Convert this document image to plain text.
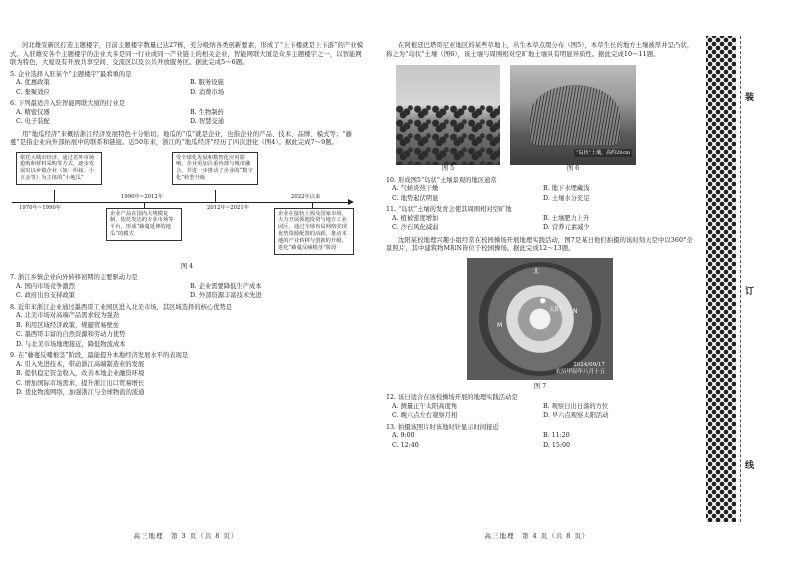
河北雄安新区打造主题楼宇，目前主题楼宇数量已达27栋，充分吸纳各类创新要素，形成了“上下楼就是上下游”的产业模式。入驻雄安各个主题楼宇的企业大多是同一行业或同一产业链上的相关企业，智能网联大厦是众多主题楼宇之一，以智能网联为特色，大厦设有开放共享空间、交流区以及公共开放服务区。据此完成5～6题。

5. 企业选择入驻某个“主题楼宇”最看重的是

A. 优惠政策	B. 服务设施
C. 集聚效应	D. 消费市场

6. 下列最适合入驻智能网联大厦的行业是

A. 精密仪器	B. 生物制药
C. 电子装配	D. 智慧交通

用“地瓜经济”来概括浙江经济发展特色十分贴切。地瓜的“瓜”就是企业，也指企业的产品、技术、品牌、模式等；“藤蔓”是指企业向外部拓展中的联系和链接。近50年来，浙江的“地瓜经济”经历了四次进化（图4）。据此完成7～9题。

依托大城市经济，通过省外市场抢购和材料采购等方式，逐步发展出以乡镇企业（如：织袜、小五金等）为主体的“小地瓜”
受全球化发展和数智化应用影响，企业更加注重内部与城市融合，并进一步推动了企业的“数字化”转型升级
企业在接轨上海及国家市场、大力开展领地投资与地方工业园区，通过全球布局网络实现优势资源配置的活跃，推动本地的产业转移与创新的升级，进化“藤蔓反哺根茎”阶段
企业产品在国内大规模复制，依托发达的专业市场等平台，形成“藤蔓延伸的地瓜”的模式
1970年~1990年
1990年~2012年
2012年~2021年
2022年以来

图 4

7. 浙江乡镇企业向外转移初期的主要驱动力是

A. 国内市场竞争激烈	B. 企业需要降低生产成本
C. 政府出台支持政策	D. 外部资源丰富技术先进

8. 近年来浙江企业通过墨西哥工业园区进入北美市场，其区域选择的核心优势是

A. 北美市场对高端产品需求较为强劲
B. 利用区域经济政策，规避贸易壁垒
C. 墨西哥丰富的自然资源和劳动力优势
D. 与北美市场地理接近，降低物流成本

9. 在“藤蔓反哺根茎”阶段，最能提升本地经济发展水平的表现是

A. 引入先进技术，带动浙江高端制造业的发展
B. 提供稳定资金收入，改善本地企业融资环境
C. 增加国际市场需求，提升浙江出口贸易增长
D. 优化物流网络，加强浙江与全球物流的流通
高三地理　第 3 页（共 8 页）

在阿根廷巴塔哥尼亚地区的某些草地上，丛生本草点缀分布（图5），本草生长的地方土壤被厚并呈凸状，称之为“岛状”土壤（图6），该土壤与周围相对空旷地土壤具有明显异质性。据此完成10～11题。

“岛状”土壤，高约20cm
图 5	图 6

10. 形成图5“岛状”土壤景观的地区通常

A. 气候炎热干燥	B. 地下水埋藏浅
C. 地势起伏明显	D. 土壤水分充足

11. “岛状”土壤的发育会使其周围相对空旷地

A. 植被密度增加	B. 土壤肥力上升
C. 沙石风化减弱	D. 营养元素减少

沈阳某校地理兴趣小组经常在校园操场开展地理实践活动，图7是某日他们拍摄的该时刻天空中以360°全景照片，其中建筑物M和N皆位于校园操场。据此完成12～13题。

北
M
N
✹
太阳
2024/09/17
农历甲辰年八月十五

图 7

12. 该日适合在该校操场开展的地理实践活动是

A. 测量正午太阳高度角	B. 观察日出日落的方位
C. 晚六点左右观察月相	D. 早六点观察太阳活动

13. 拍摄该照片时该地时针显示时间接近

A. 9:00	B. 11:20
C. 12:40	D. 15:00
高三地理　第 4 页（共 8 页）
装
订
线
